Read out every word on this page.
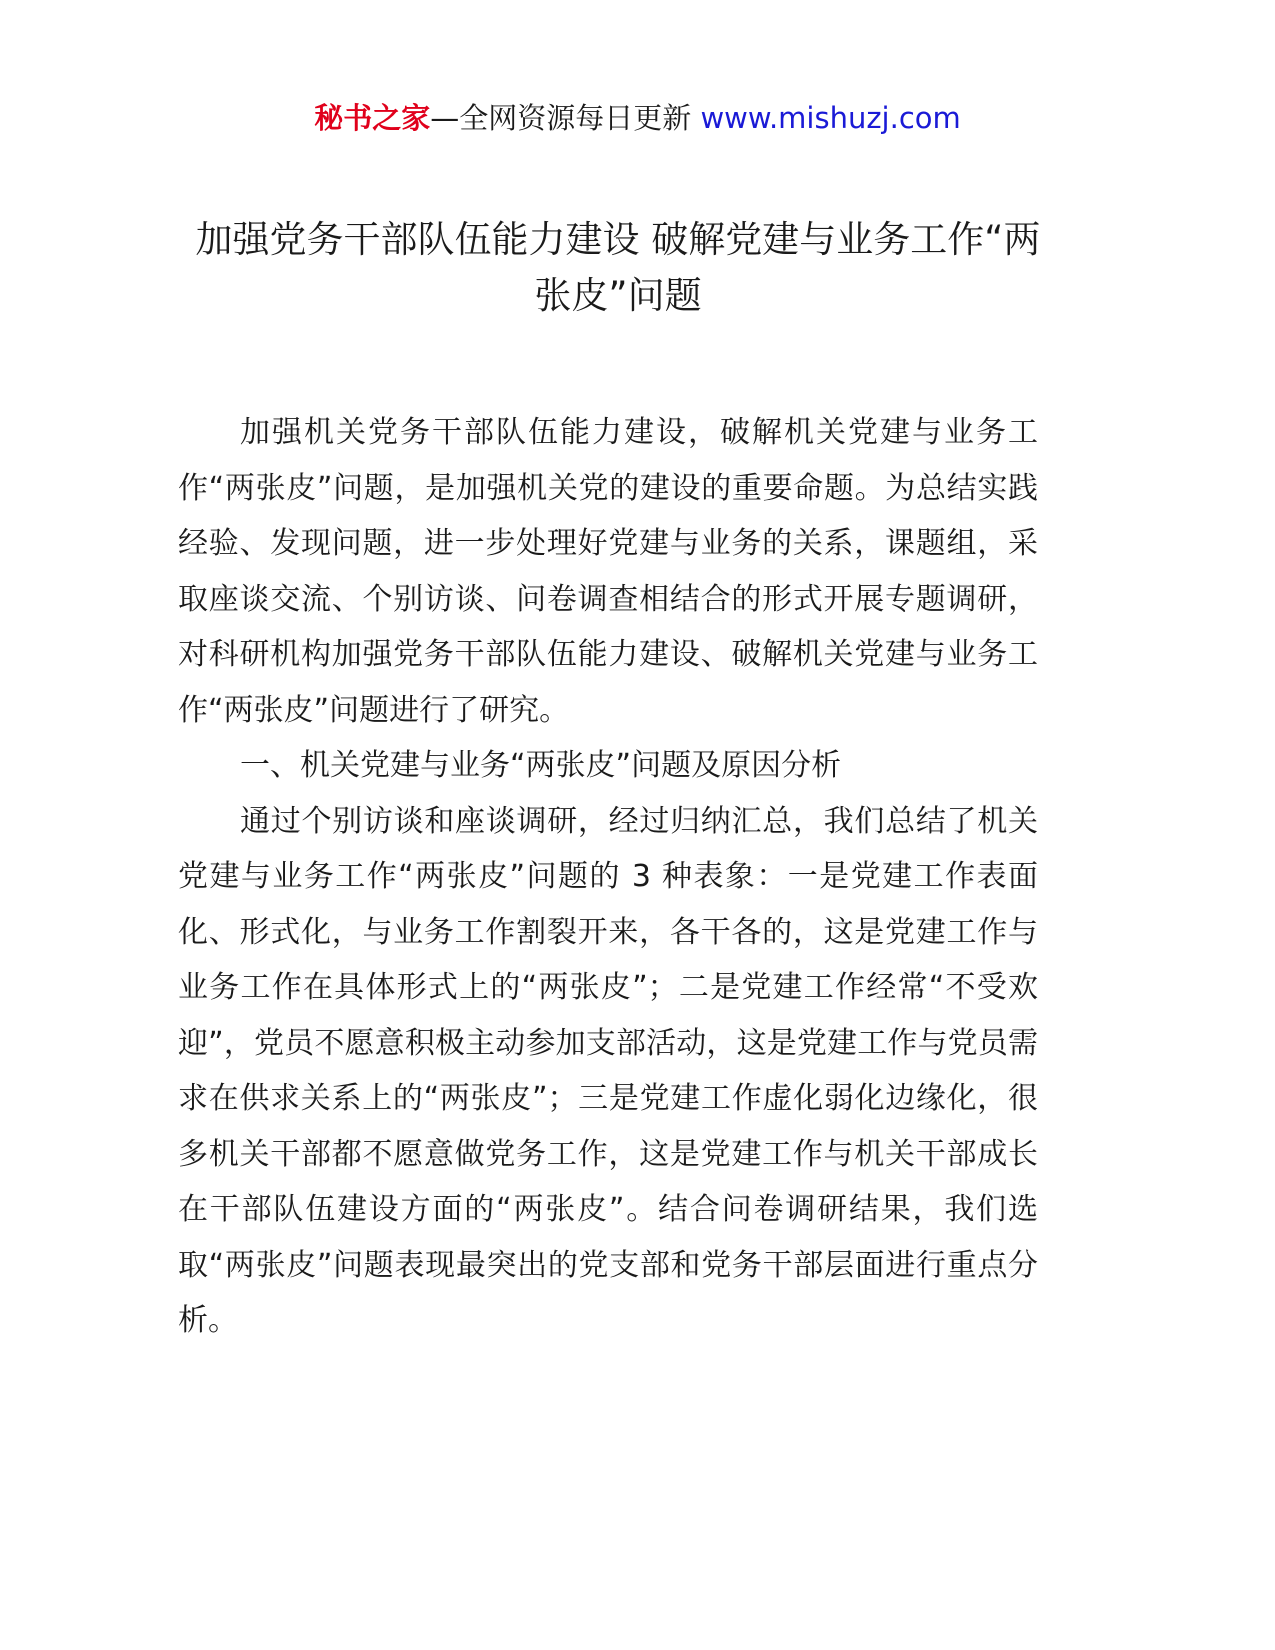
秘书之家—全网资源每日更新 www.mishuzj.com
加强党务干部队伍能力建设 破解党建与业务工作“两张皮”问题

加强机关党务干部队伍能力建设，破解机关党建与业务工作“两张皮”问题，是加强机关党的建设的重要命题。为总结实践经验、发现问题，进一步处理好党建与业务的关系，课题组，采取座谈交流、个别访谈、问卷调查相结合的形式开展专题调研，对科研机构加强党务干部队伍能力建设、破解机关党建与业务工作“两张皮”问题进行了研究。

一、机关党建与业务“两张皮”问题及原因分析

通过个别访谈和座谈调研，经过归纳汇总，我们总结了机关党建与业务工作“两张皮”问题的 3 种表象：一是党建工作表面化、形式化，与业务工作割裂开来，各干各的，这是党建工作与业务工作在具体形式上的“两张皮”；二是党建工作经常“不受欢迎”，党员不愿意积极主动参加支部活动，这是党建工作与党员需求在供求关系上的“两张皮”；三是党建工作虚化弱化边缘化，很多机关干部都不愿意做党务工作，这是党建工作与机关干部成长在干部队伍建设方面的“两张皮”。结合问卷调研结果，我们选取“两张皮”问题表现最突出的党支部和党务干部层面进行重点分析。
